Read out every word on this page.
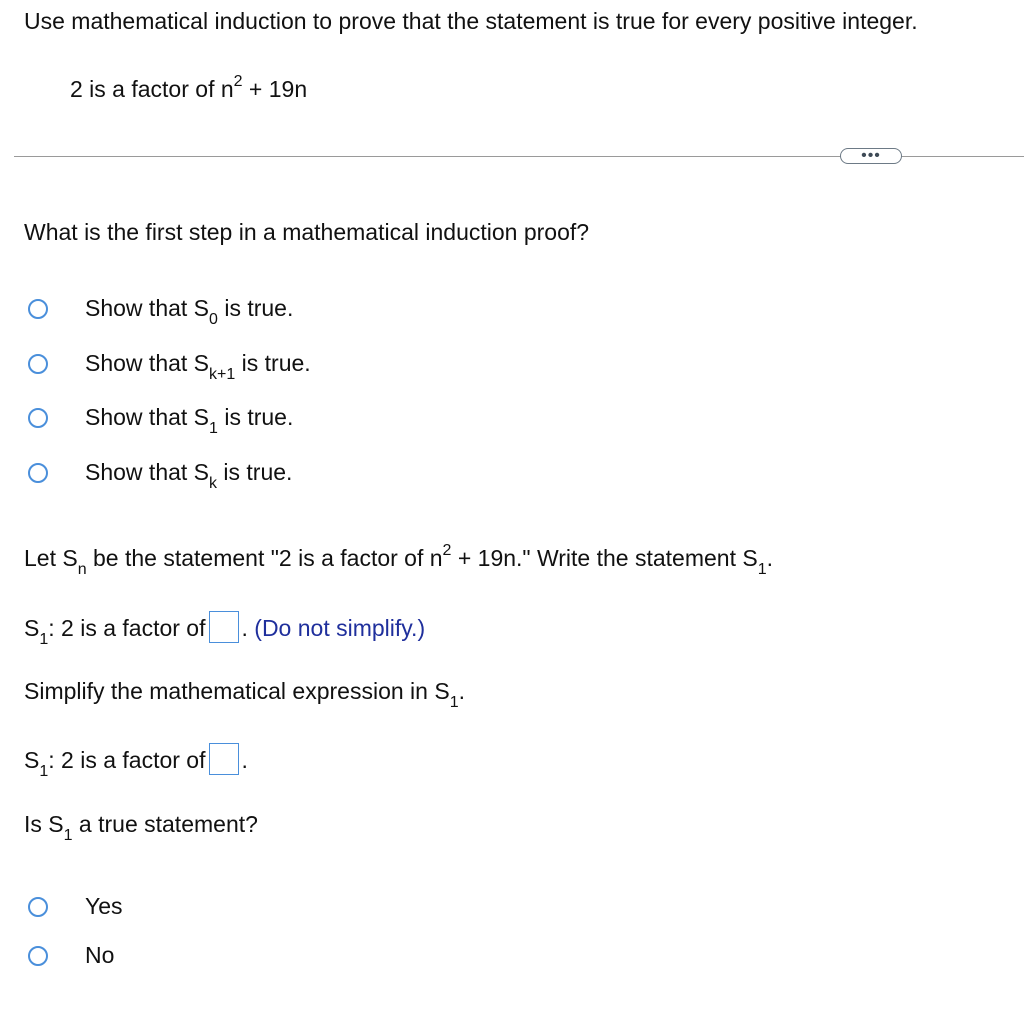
Use mathematical induction to prove that the statement is true for every positive integer.
2 is a factor of $n^2 + 19n$
•••
What is the first step in a mathematical induction proof?
Show that $S_0$ is true.
Show that $S_{k+1}$ is true.
Show that $S_1$ is true.
Show that $S_k$ is true.
Let $S_n$ be the statement "2 is a factor of $n^2 + 19n$." Write the statement $S_1$.
$S_1$: 2 is a factor of . (Do not simplify.)
Simplify the mathematical expression in $S_1$.
$S_1$: 2 is a factor of .
Is $S_1$ a true statement?
Yes
No
